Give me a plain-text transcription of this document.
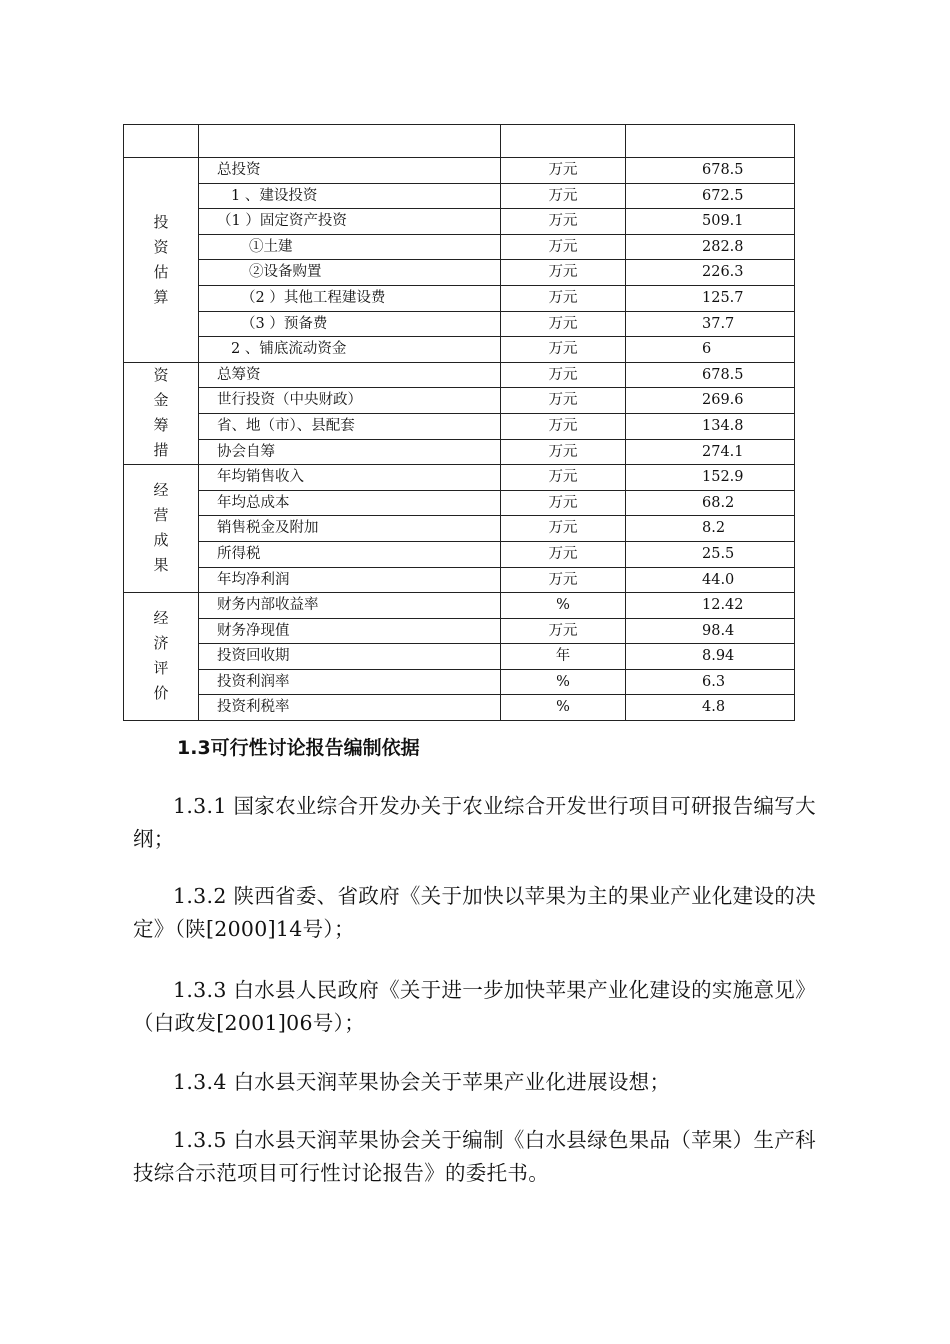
投资估算	总投资	万元	678.5
	1 、建设投资	万元	672.5
	（1 ）固定资产投资	万元	509.1
	①土建	万元	282.8
	②设备购置	万元	226.3
	（2 ）其他工程建设费	万元	125.7
	（3 ）预备费	万元	37.7
	2 、铺底流动资金	万元	6
资金筹措	总筹资	万元	678.5
	世行投资（中央财政）	万元	269.6
	省、地（市）、县配套	万元	134.8
	协会自筹	万元	274.1
经营成果	年均销售收入	万元	152.9
	年均总成本	万元	68.2
	销售税金及附加	万元	8.2
	所得税	万元	25.5
	年均净利润	万元	44.0
经济评价	财务内部收益率	%	12.42
	财务净现值	万元	98.4
	投资回收期	年	8.94
	投资利润率	%	6.3
	投资利税率	%	4.8
1.3可行性讨论报告编制依据
1.3.1 国家农业综合开发办关于农业综合开发世行项目可研报告编写大纲；
1.3.2 陕西省委、省政府《关于加快以苹果为主的果业产业化建设的决定》（陕[2000]14号）；
1.3.3 白水县人民政府《关于进一步加快苹果产业化建设的实施意见》（白政发[2001]06号）；
1.3.4 白水县天润苹果协会关于苹果产业化进展设想；
1.3.5 白水县天润苹果协会关于编制《白水县绿色果品（苹果）生产科技综合示范项目可行性讨论报告》的委托书。
